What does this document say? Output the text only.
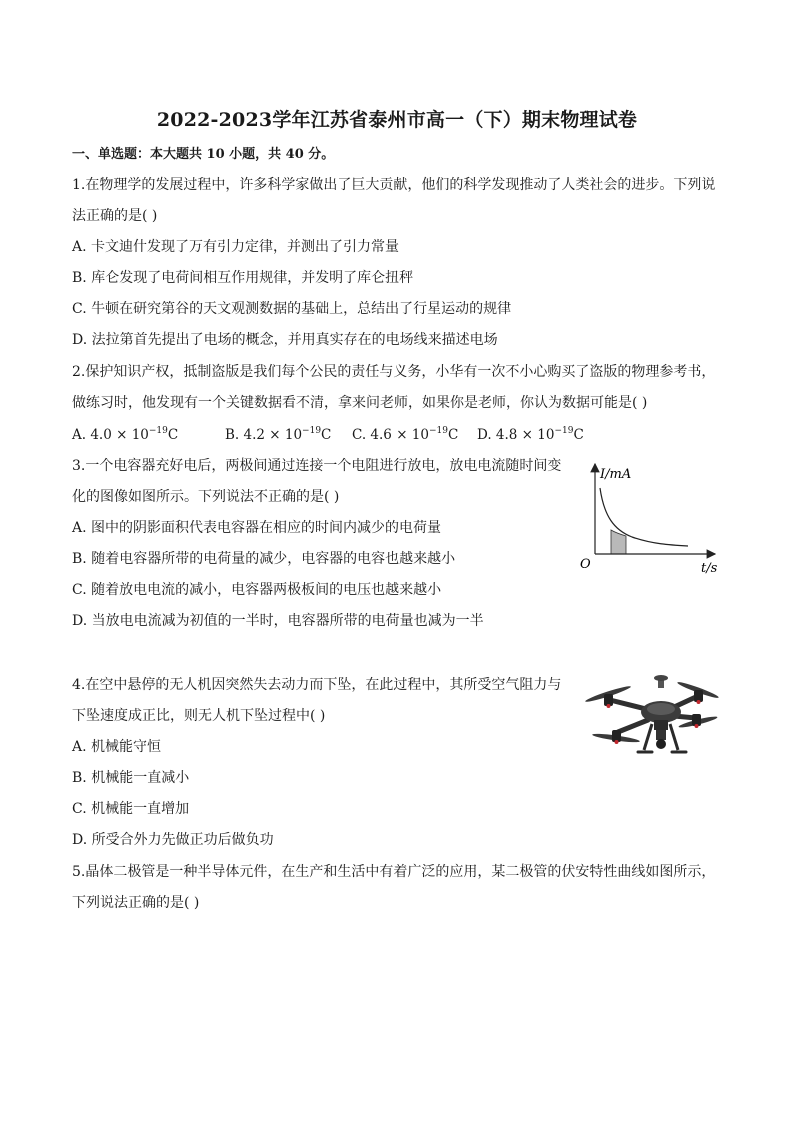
2022-2023学年江苏省泰州市高一（下）期末物理试卷
一、单选题：本大题共 10 小题，共 40 分。
1.在物理学的发展过程中，许多科学家做出了巨大贡献，他们的科学发现推动了人类社会的进步。下列说
法正确的是( )
A. 卡文迪什发现了万有引力定律，并测出了引力常量
B. 库仑发现了电荷间相互作用规律，并发明了库仑扭秤
C. 牛顿在研究第谷的天文观测数据的基础上，总结出了行星运动的规律
D. 法拉第首先提出了电场的概念，并用真实存在的电场线来描述电场
2.保护知识产权，抵制盗版是我们每个公民的责任与义务，小华有一次不小心购买了盗版的物理参考书，
做练习时，他发现有一个关键数据看不清，拿来问老师，如果你是老师，你认为数据可能是( )
A. $4.0 \times 10^{-19}C$	B. $4.2 \times 10^{-19}C$ C. $4.6 \times 10^{-19}C$ D. $4.8 \times 10^{-19}C$
3.一个电容器充好电后，两极间通过连接一个电阻进行放电，放电电流随时间变
化的图像如图所示。下列说法不正确的是( )
A. 图中的阴影面积代表电容器在相应的时间内减少的电荷量
B. 随着电容器所带的电荷量的减少，电容器的电容也越来越小
C. 随着放电电流的减小，电容器两极板间的电压也越来越小
D. 当放电电流减为初值的一半时，电容器所带的电荷量也减为一半
I/mA
t/s
O
4.在空中悬停的无人机因突然失去动力而下坠，在此过程中，其所受空气阻力与
下坠速度成正比，则无人机下坠过程中( )
A. 机械能守恒
B. 机械能一直减小
C. 机械能一直增加
D. 所受合外力先做正功后做负功
5.晶体二极管是一种半导体元件，在生产和生活中有着广泛的应用，某二极管的伏安特性曲线如图所示，
下列说法正确的是( )
